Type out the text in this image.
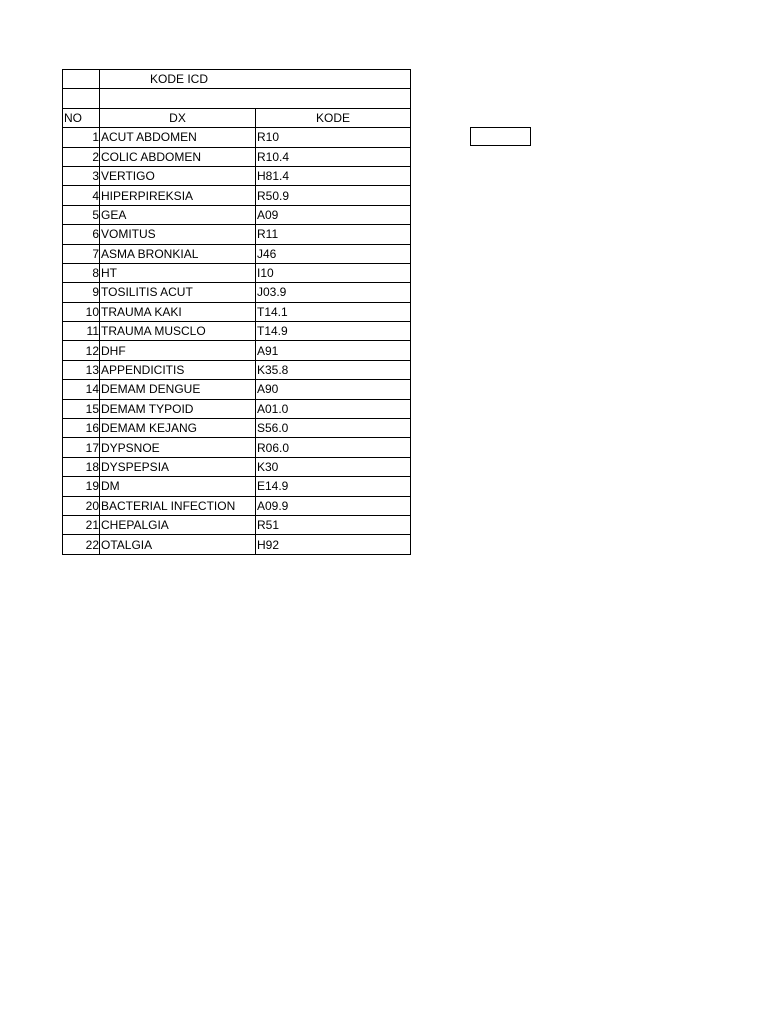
	KODE ICD	

NO	DX	KODE
1	ACUT ABDOMEN	R10
2	COLIC ABDOMEN	R10.4
3	VERTIGO	H81.4
4	HIPERPIREKSIA	R50.9
5	GEA	A09
6	VOMITUS	R11
7	ASMA BRONKIAL	J46
8	HT	I10
9	TOSILITIS ACUT	J03.9
10	TRAUMA KAKI	T14.1
11	TRAUMA MUSCLO	T14.9
12	DHF	A91
13	APPENDICITIS	K35.8
14	DEMAM DENGUE	A90
15	DEMAM TYPOID	A01.0
16	DEMAM KEJANG	S56.0
17	DYPSNOE	R06.0
18	DYSPEPSIA	K30
19	DM	E14.9
20	BACTERIAL INFECTION	A09.9
21	CHEPALGIA	R51
22	OTALGIA	H92
